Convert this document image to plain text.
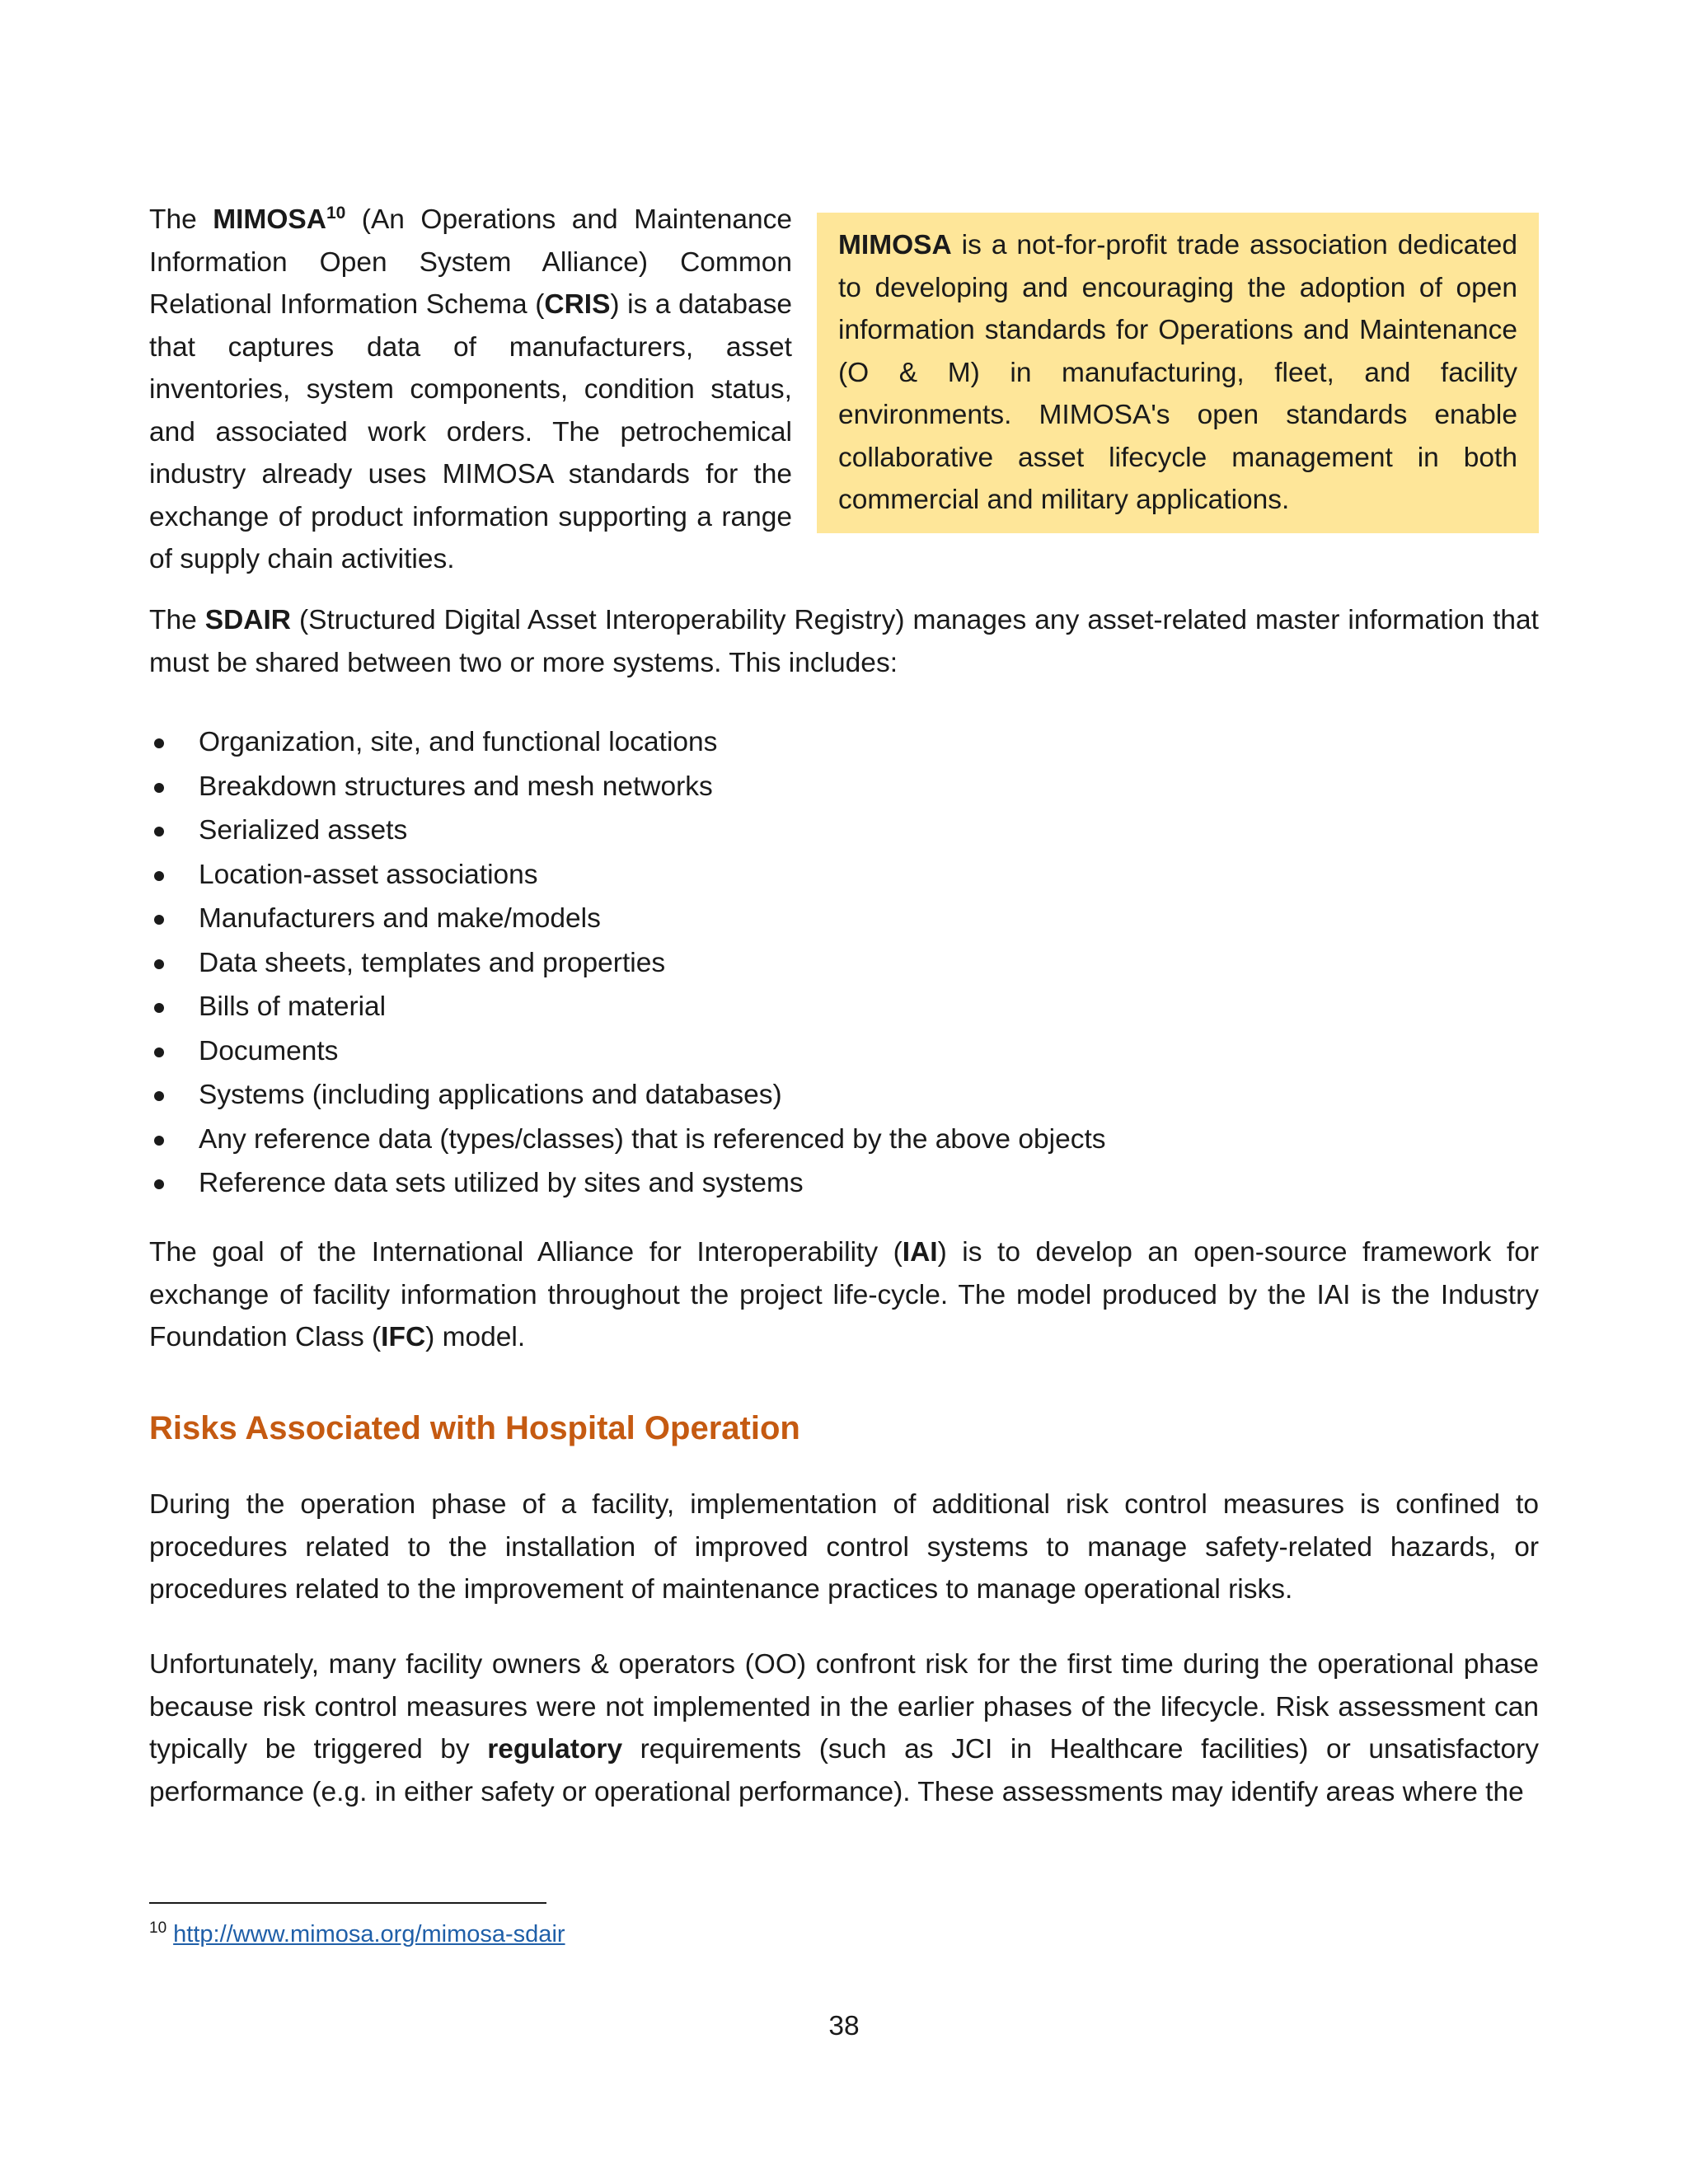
The MIMOSA$^{10}$ (An Operations and Maintenance Information Open System Alliance) Common Relational Information Schema (CRIS) is a database that captures data of manufacturers, asset inventories, system components, condition status, and associated work orders. The petrochemical industry already uses MIMOSA standards for the exchange of product information supporting a range of supply chain activities.

MIMOSA is a not-for-profit trade association dedicated to developing and encouraging the adoption of open information standards for Operations and Maintenance (O & M) in manufacturing, fleet, and facility environments. MIMOSA's open standards enable collaborative asset lifecycle management in both commercial and military applications.

The SDAIR (Structured Digital Asset Interoperability Registry) manages any asset-related master information that must be shared between two or more systems. This includes:

Organization, site, and functional locations
Breakdown structures and mesh networks
Serialized assets
Location-asset associations
Manufacturers and make/models
Data sheets, templates and properties
Bills of material
Documents
Systems (including applications and databases)
Any reference data (types/classes) that is referenced by the above objects
Reference data sets utilized by sites and systems

The goal of the International Alliance for Interoperability (IAI) is to develop an open-source framework for exchange of facility information throughout the project life-cycle. The model produced by the IAI is the Industry Foundation Class (IFC) model.

Risks Associated with Hospital Operation

During the operation phase of a facility, implementation of additional risk control measures is confined to procedures related to the installation of improved control systems to manage safety-related hazards, or procedures related to the improvement of maintenance practices to manage operational risks.

Unfortunately, many facility owners & operators (OO) confront risk for the first time during the operational phase because risk control measures were not implemented in the earlier phases of the lifecycle. Risk assessment can typically be triggered by regulatory requirements (such as JCI in Healthcare facilities) or unsatisfactory performance (e.g. in either safety or operational performance). These assessments may identify areas where the

$^{10}$ http://www.mimosa.org/mimosa-sdair
38
